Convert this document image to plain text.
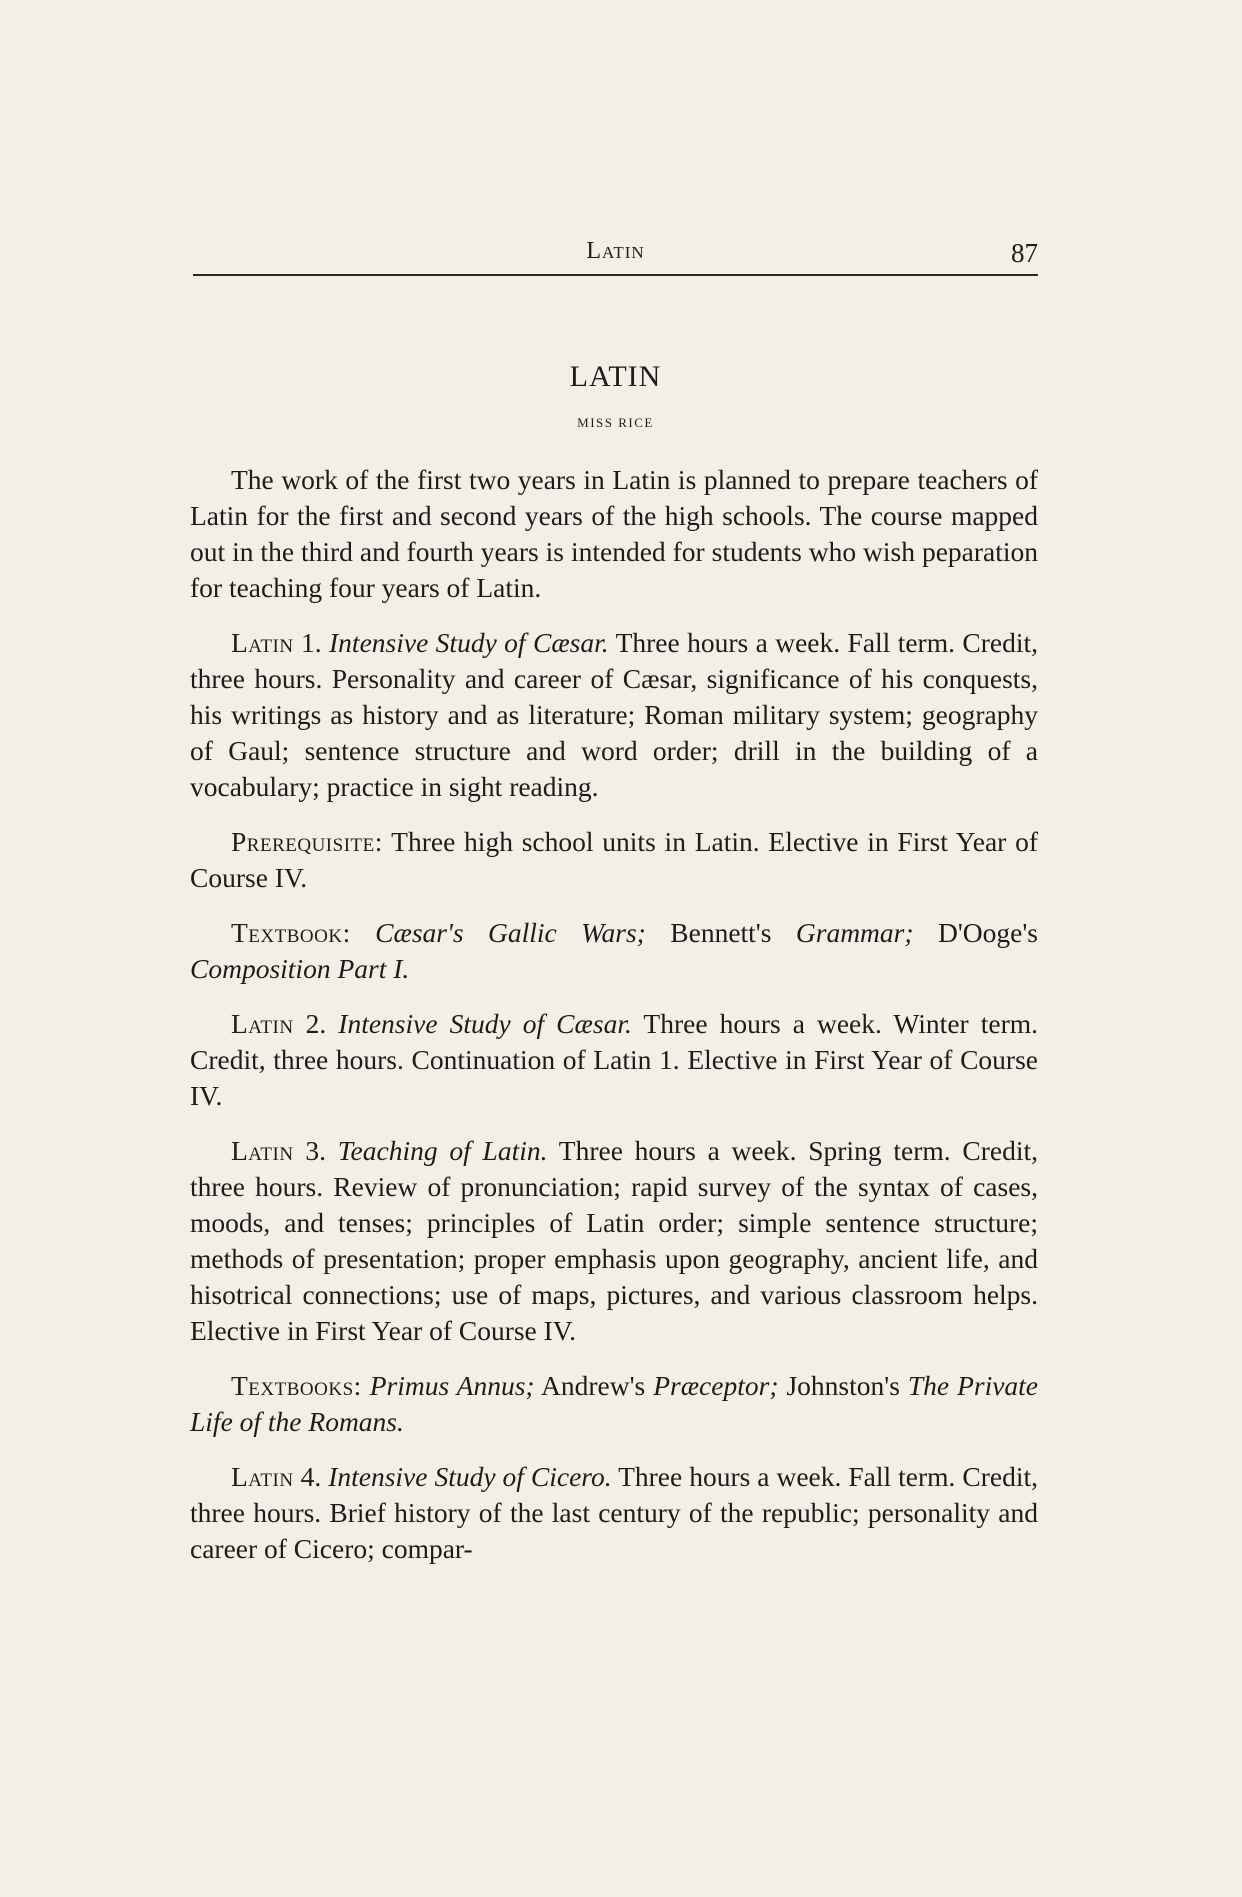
Latin	87
LATIN
MISS RICE

The work of the first two years in Latin is planned to prepare teachers of Latin for the first and second years of the high schools. The course mapped out in the third and fourth years is intended for students who wish peparation for teaching four years of Latin.

Latin 1. Intensive Study of Cæsar. Three hours a week. Fall term. Credit, three hours. Personality and career of Cæsar, significance of his conquests, his writings as history and as literature; Roman military system; geography of Gaul; sentence structure and word order; drill in the building of a vocabulary; practice in sight reading.

Prerequisite: Three high school units in Latin. Elective in First Year of Course IV.

Textbook: Cæsar's Gallic Wars; Bennett's Grammar; D'Ooge's Composition Part I.

Latin 2. Intensive Study of Cæsar. Three hours a week. Winter term. Credit, three hours. Continuation of Latin 1. Elective in First Year of Course IV.

Latin 3. Teaching of Latin. Three hours a week. Spring term. Credit, three hours. Review of pronunciation; rapid survey of the syntax of cases, moods, and tenses; principles of Latin order; simple sentence structure; methods of presentation; proper emphasis upon geography, ancient life, and hisotrical connections; use of maps, pictures, and various classroom helps. Elective in First Year of Course IV.

Textbooks: Primus Annus; Andrew's Præceptor; Johnston's The Private Life of the Romans.

Latin 4. Intensive Study of Cicero. Three hours a week. Fall term. Credit, three hours. Brief history of the last century of the republic; personality and career of Cicero; compar-
